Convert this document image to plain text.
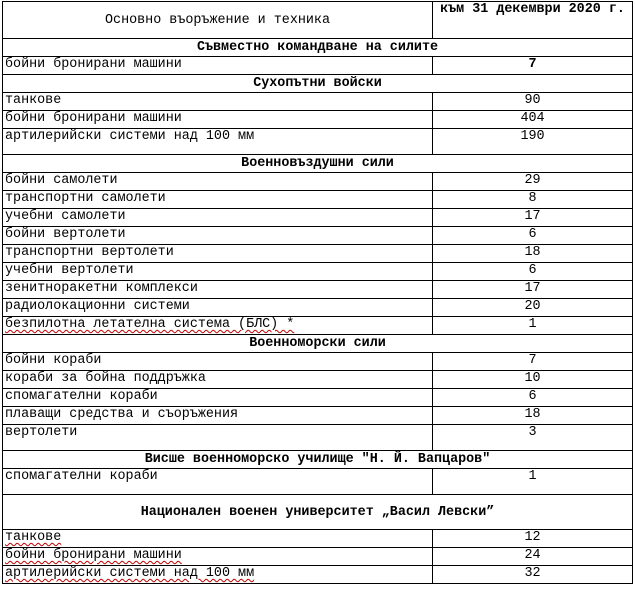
Основно въоръжение и техника	към 31 декември 2020 г.
Съвместно командване на силите	
бойни бронирани машини	7
Сухопътни войски	
танкове	90
бойни бронирани машини	404
артилерийски системи над 100 мм	190
Военновъздушни сили	
бойни самолети	29
транспортни самолети	8
учебни самолети	17
бойни вертолети	6
транспортни вертолети	18
учебни вертолети	6
зенитноракетни комплекси	17
радиолокационни системи	20
безпилотна летателна система (БЛС) *	1
Военноморски сили	
бойни кораби	7
кораби за бойна поддръжка	10
спомагателни кораби	6
плаващи средства и съоръжения	18
вертолети	3
Висше военноморско училище "Н. Й. Вапцаров"	
спомагателни кораби	1
Национален военен университет „Васил Левски”	
танкове	12
бойни бронирани машини	24
артилерийски системи над 100 мм	32
